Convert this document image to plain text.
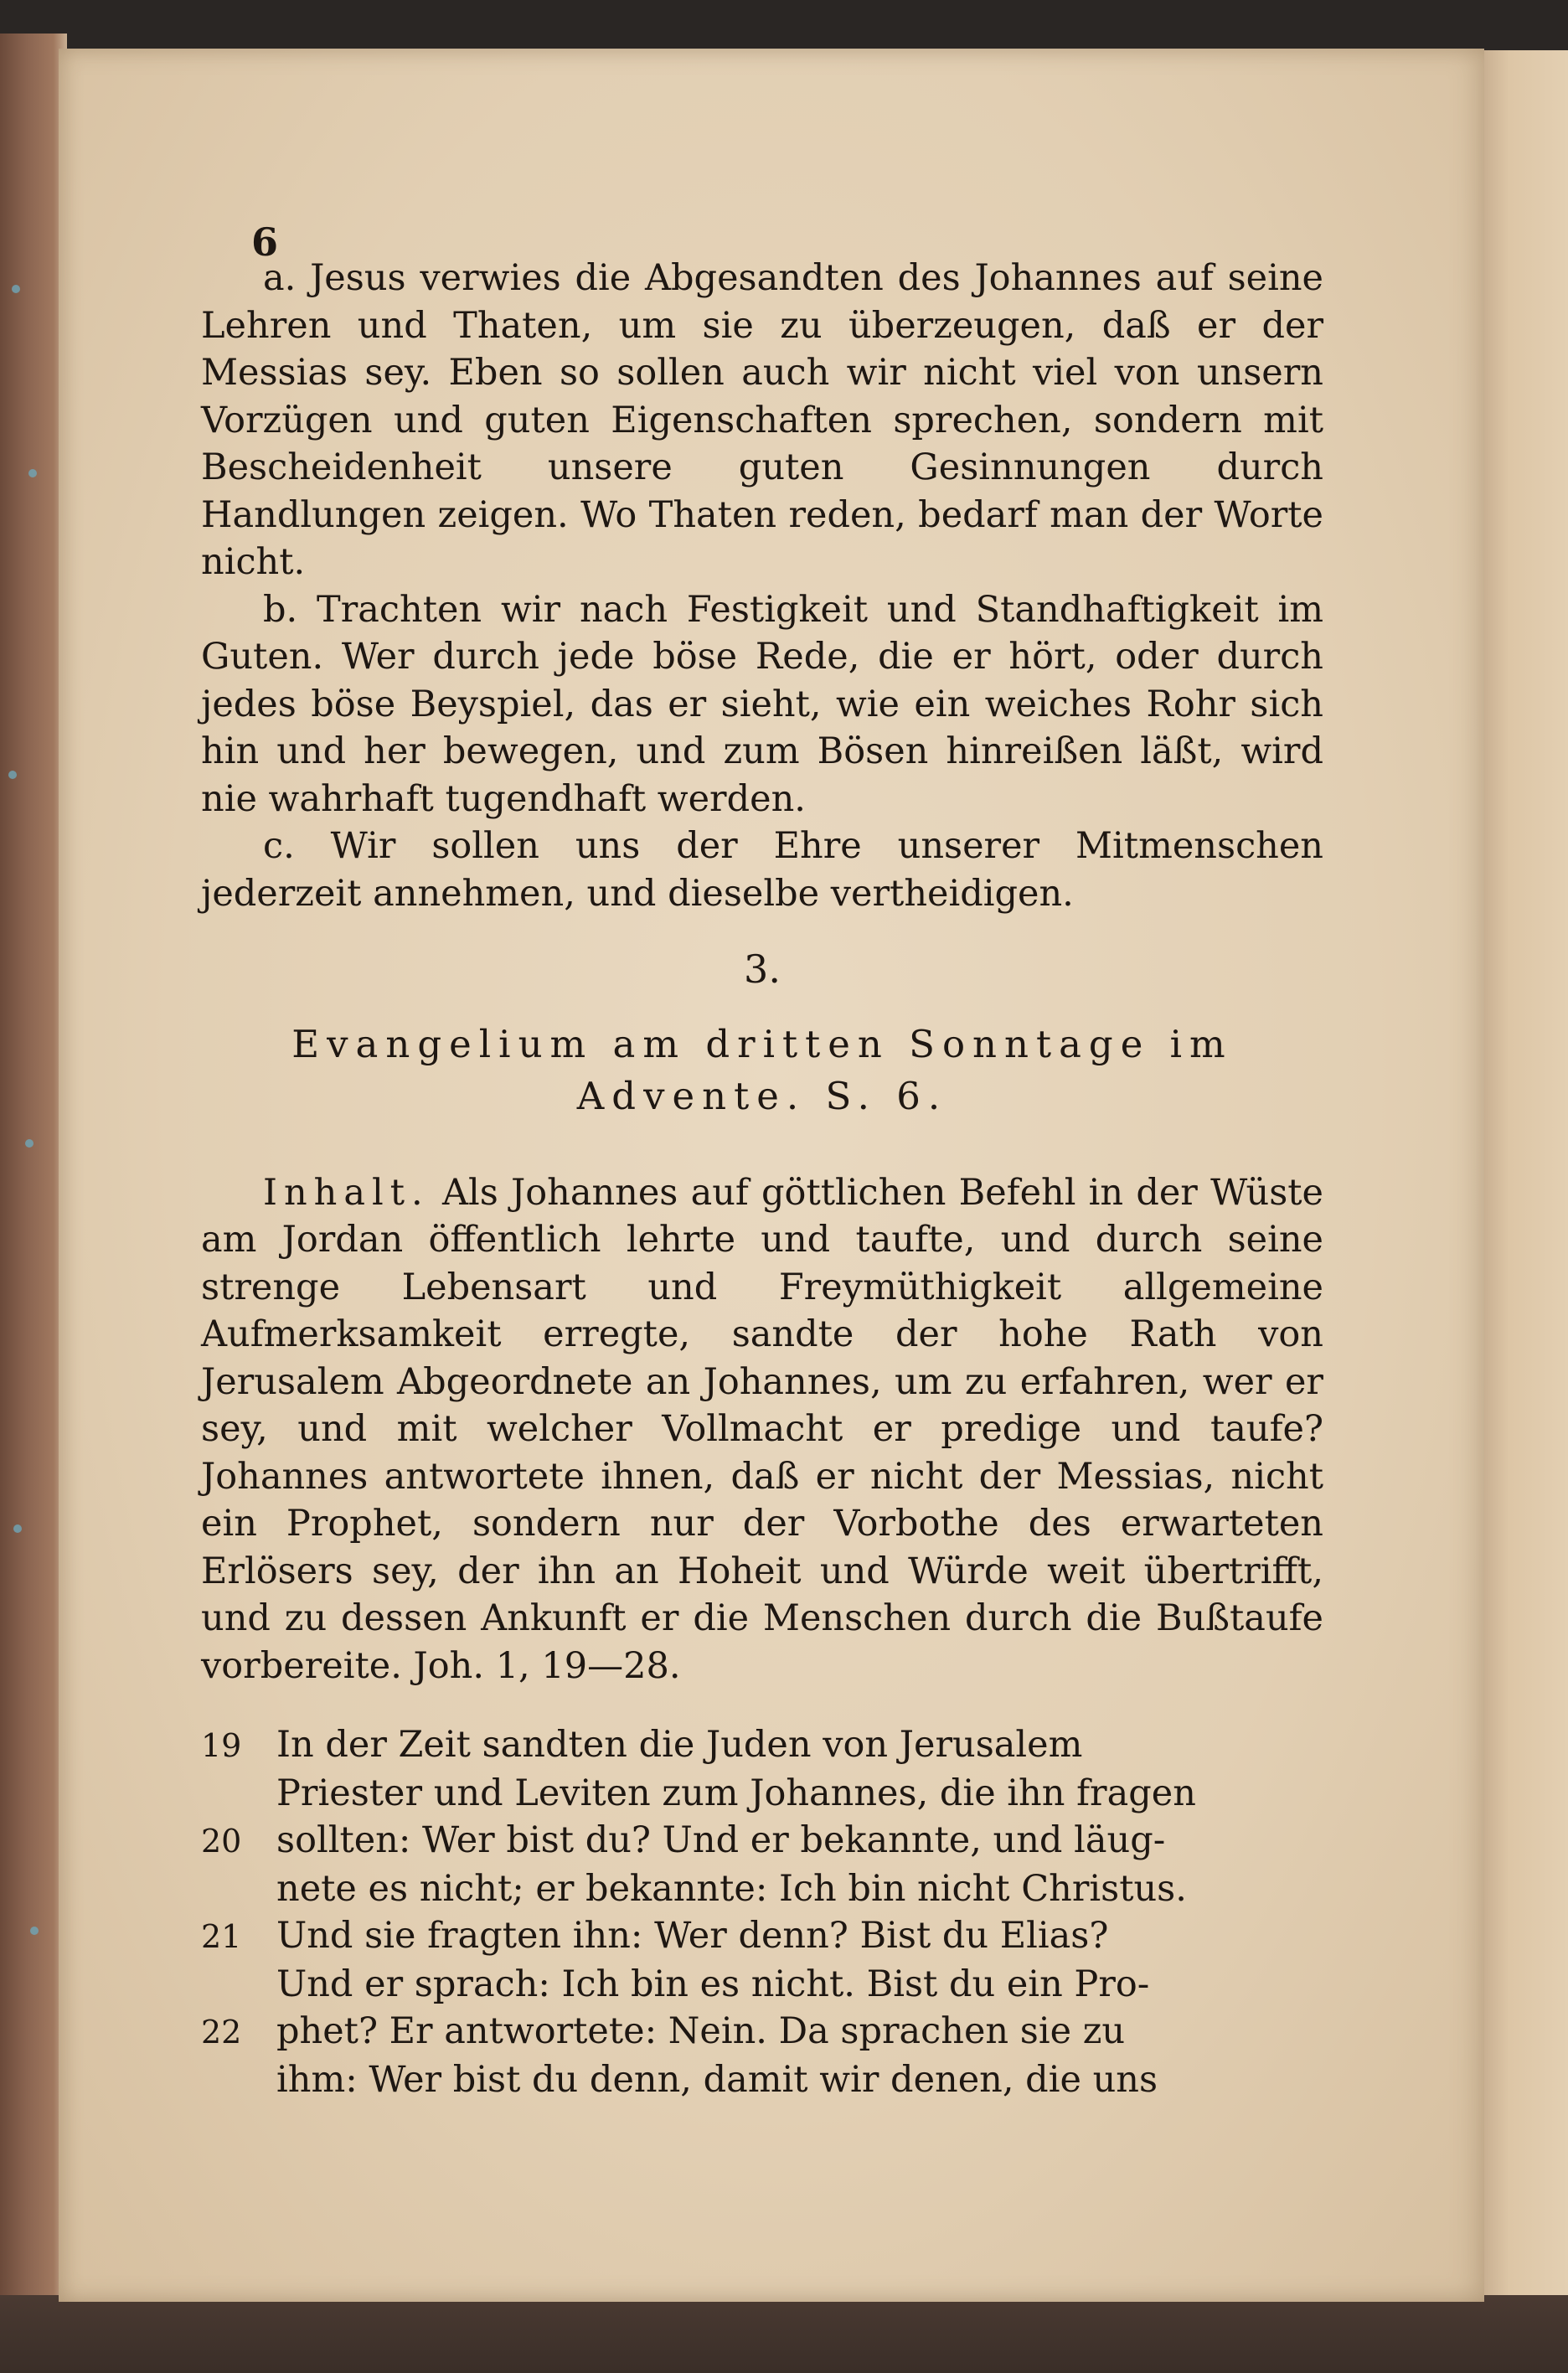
6

a. Jesus verwies die Abgesandten des Johannes auf seine Lehren und Thaten, um sie zu überzeugen, daß er der Messias sey. Eben so sollen auch wir nicht viel von unsern Vorzügen und guten Eigenschaften sprechen, sondern mit Bescheidenheit unsere guten Gesinnungen durch Handlungen zeigen. Wo Thaten reden, bedarf man der Worte nicht.

b. Trachten wir nach Festigkeit und Standhaftigkeit im Guten. Wer durch jede böse Rede, die er hört, oder durch jedes böse Beyspiel, das er sieht, wie ein weiches Rohr sich hin und her bewegen, und zum Bösen hinreißen läßt, wird nie wahrhaft tugendhaft werden.

c. Wir sollen uns der Ehre unserer Mitmenschen jederzeit annehmen, und dieselbe vertheidigen.

3.
Evangelium am dritten Sonntage im
Advente. S. 6.

Inhalt. Als Johannes auf göttlichen Befehl in der Wüste am Jordan öffentlich lehrte und taufte, und durch seine strenge Lebensart und Freymüthigkeit allgemeine Aufmerksamkeit erregte, sandte der hohe Rath von Jerusalem Abgeordnete an Johannes, um zu erfahren, wer er sey, und mit welcher Vollmacht er predige und taufe? Johannes antwortete ihnen, daß er nicht der Messias, nicht ein Prophet, sondern nur der Vorbothe des erwarteten Erlösers sey, der ihn an Hoheit und Würde weit übertrifft, und zu dessen Ankunft er die Menschen durch die Bußtaufe vorbereite. Joh. 1, 19—28.

19 In der Zeit sandten die Juden von Jerusalem
Priester und Leviten zum Johannes, die ihn fragen
20 sollten: Wer bist du? Und er bekannte, und läug-
nete es nicht; er bekannte: Ich bin nicht Christus.
21 Und sie fragten ihn: Wer denn? Bist du Elias?
Und er sprach: Ich bin es nicht. Bist du ein Pro-
22 phet? Er antwortete: Nein. Da sprachen sie zu
ihm: Wer bist du denn, damit wir denen, die uns
